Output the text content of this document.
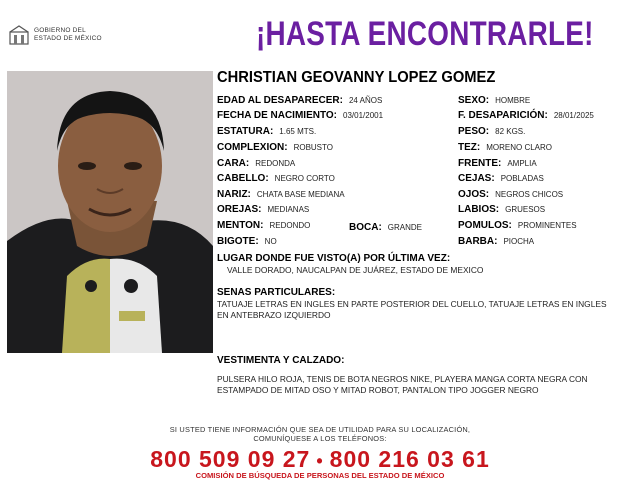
GOBIERNO DEL
ESTADO DE MÉXICO	¡HASTA ENCONTRARLE!
CHRISTIAN GEOVANNY LOPEZ GOMEZ
EDAD AL DESAPARECER: 24 AÑOS
FECHA DE NACIMIENTO: 03/01/2001
ESTATURA: 1.65 MTS.
COMPLEXION: ROBUSTO
CARA: REDONDA
CABELLO: NEGRO CORTO
NARIZ: CHATA BASE MEDIANA
OREJAS: MEDIANAS
MENTON: REDONDO	BOCA: GRANDE
BIGOTE: NO
SEXO: HOMBRE
F. DESAPARICIÓN: 28/01/2025
PESO: 82 KGS.
TEZ: MORENO CLARO
FRENTE: AMPLIA
CEJAS: POBLADAS
OJOS: NEGROS CHICOS
LABIOS: GRUESOS
POMULOS: PROMINENTES
BARBA: PIOCHA
LUGAR DONDE FUE VISTO(A) POR ÚLTIMA VEZ:
VALLE DORADO, NAUCALPAN DE JUÁREZ, ESTADO DE MEXICO
SENAS PARTICULARES:
TATUAJE LETRAS EN INGLES EN PARTE POSTERIOR DEL CUELLO, TATUAJE LETRAS EN INGLES EN ANTEBRAZO IZQUIERDO
VESTIMENTA Y CALZADO:
PULSERA HILO ROJA, TENIS DE BOTA NEGROS NIKE, PLAYERA MANGA CORTA NEGRA CON ESTAMPADO DE MITAD OSO Y MITAD ROBOT, PANTALON TIPO JOGGER NEGRO
SI USTED TIENE INFORMACIÓN QUE SEA DE UTILIDAD PARA SU LOCALIZACIÓN,
COMUNÍQUESE A LOS TELÉFONOS:
800 509 09 27 • 800 216 03 61
COMISIÓN DE BÚSQUEDA DE PERSONAS DEL ESTADO DE MÉXICO
